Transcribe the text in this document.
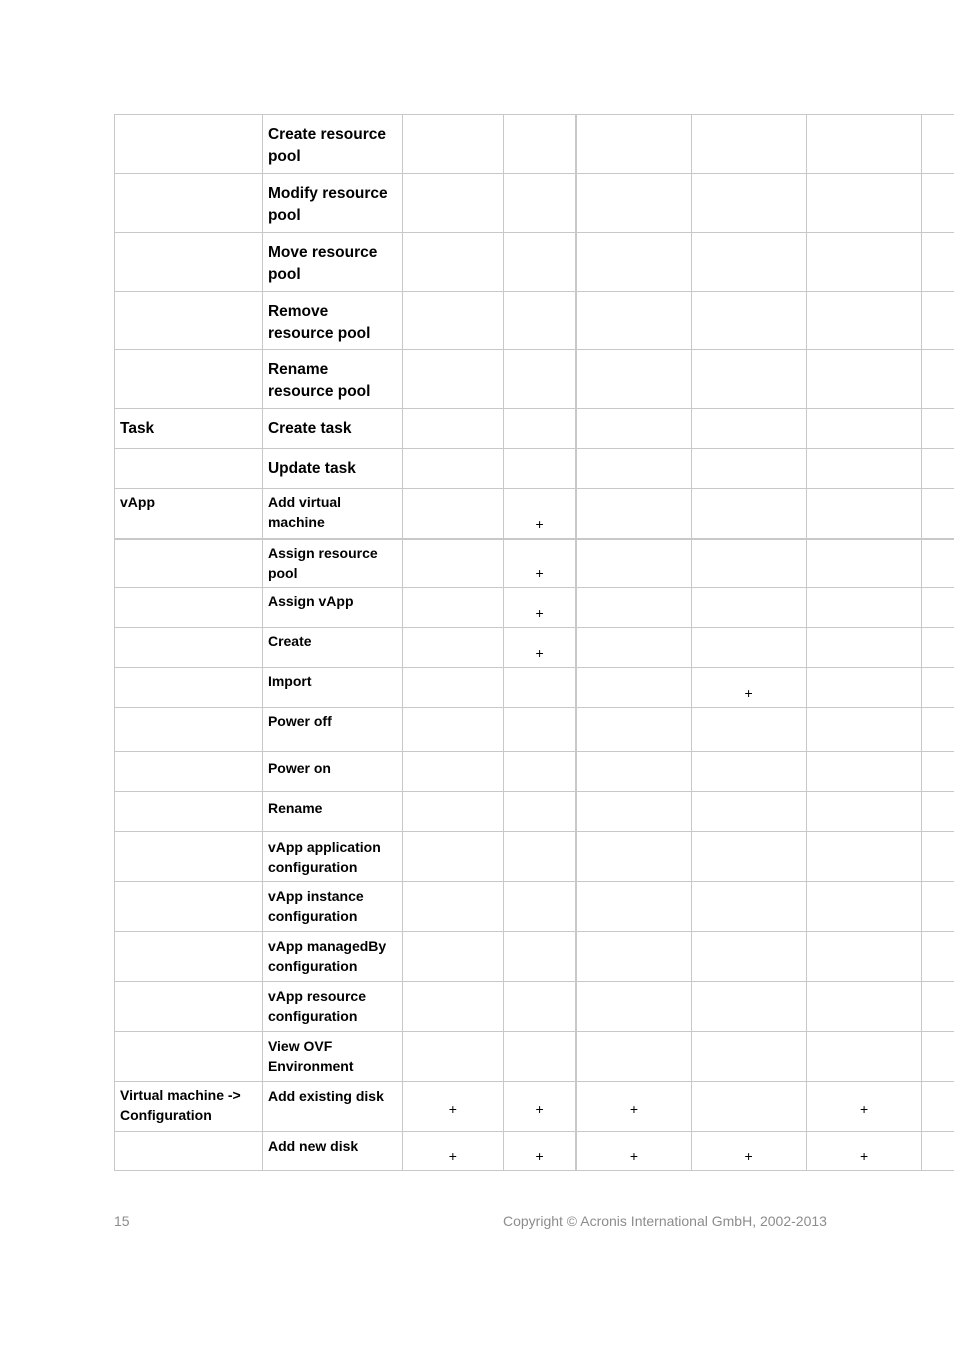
	Create resource pool						
	Modify resource pool						
	Move resource pool						
	Remove resource pool						
	Rename resource pool						
Task	Create task						
	Update task						
vApp	Add virtual machine		+				
	Assign resource pool		+				
	Assign vApp		+				
	Create		+				
	Import				+		
	Power off						
	Power on						
	Rename						
	vApp application configuration						
	vApp instance configuration						
	vApp managedBy configuration						
	vApp resource configuration						
	View OVF Environment						
Virtual machine -> Configuration	Add existing disk	+	+	+		+	
	Add new disk	+	+	+	+	+	
15	Copyright © Acronis International GmbH, 2002-2013
